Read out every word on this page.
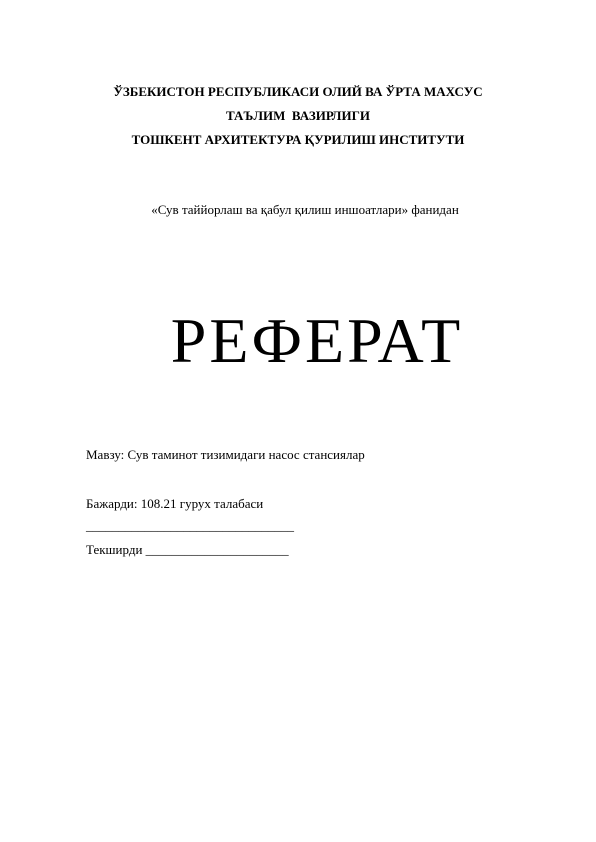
ЎЗБЕКИСТОН РЕСПУБЛИКАСИ ОЛИЙ ВА ЎРТА МАХСУС
ТАЪЛИМ  ВАЗИРЛИГИ
ТОШКЕНТ АРХИТЕКТУРА ҚУРИЛИШ ИНСТИТУТИ
«Сув таййорлаш ва қабул қилиш иншоатлари» фанидан
РЕФЕРАТ
Мавзу: Сув таминот тизимидаги насос стансиялар
Бажарди: 108.21 гурух талабаси
________________________________
Текширди ______________________
